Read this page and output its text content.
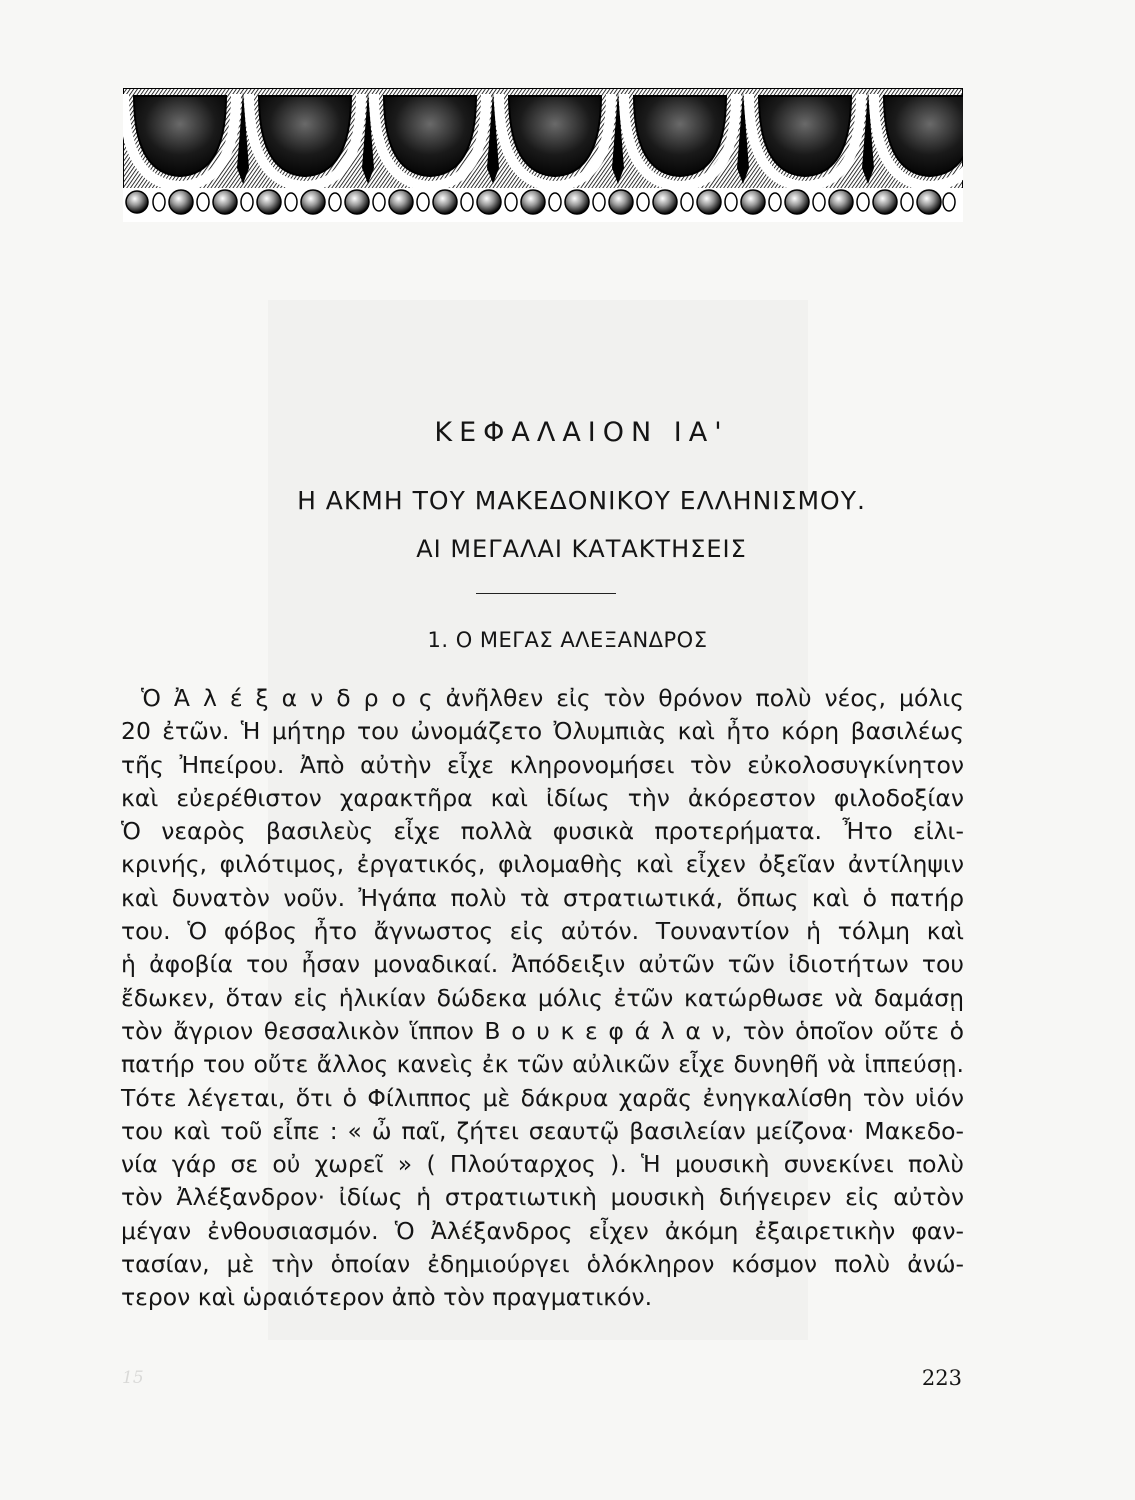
ΚΕΦΑΛΑΙΟΝ ΙΑ'
Η ΑΚΜΗ ΤΟΥ ΜΑΚΕΔΟΝΙΚΟΥ ΕΛΛΗΝΙΣΜΟΥ.
ΑΙ ΜΕΓΑΛΑΙ ΚΑΤΑΚΤΗΣΕΙΣ
1. Ο ΜΕΓΑΣ ΑΛΕΞΑΝΔΡΟΣ
Ὁ Ἀ λ έ ξ α ν δ ρ ο ς ἀνῆλθεν εἰς τὸν θρόνον πολὺ νέος, μόλις
20 ἐτῶν. Ἡ μήτηρ του ὠνομάζετο Ὀλυμπιὰς καὶ ἦτο κόρη βασιλέως
τῆς Ἠπείρου. Ἀπὸ αὐτὴν εἶχε κληρονομήσει τὸν εὐκολοσυγκίνητον
καὶ εὐερέθιστον χαρακτῆρα καὶ ἰδίως τὴν ἀκόρεστον φιλοδοξίαν
Ὁ νεαρὸς βασιλεὺς εἶχε πολλὰ φυσικὰ προτερήματα. Ἦτο εἰλι-
κρινής, φιλότιμος, ἐργατικός, φιλομαθὴς καὶ εἶχεν ὀξεῖαν ἀντίληψιν
καὶ δυνατὸν νοῦν. Ἠγάπα πολὺ τὰ στρατιωτικά, ὅπως καὶ ὁ πατήρ
του. Ὁ φόβος ἦτο ἄγνωστος εἰς αὐτόν. Τουναντίον ἡ τόλμη καὶ
ἡ ἀφοβία του ἦσαν μοναδικαί. Ἀπόδειξιν αὐτῶν τῶν ἰδιοτήτων του
ἔδωκεν, ὅταν εἰς ἡλικίαν δώδεκα μόλις ἐτῶν κατώρθωσε νὰ δαμάσῃ
τὸν ἄγριον θεσσαλικὸν ἵππον Β ο υ κ ε φ ά λ α ν, τὸν ὁποῖον οὔτε ὁ
πατήρ του οὔτε ἄλλος κανεὶς ἐκ τῶν αὐλικῶν εἶχε δυνηθῆ νὰ ἱππεύσῃ.
Τότε λέγεται, ὅτι ὁ Φίλιππος μὲ δάκρυα χαρᾶς ἐνηγκαλίσθη τὸν υἱόν
του καὶ τοῦ εἶπε : « ὦ παῖ, ζήτει σεαυτῷ βασιλείαν μείζονα· Μακεδο-
νία γάρ σε οὐ χωρεῖ » ( Πλούταρχος ). Ἡ μουσικὴ συνεκίνει πολὺ
τὸν Ἀλέξανδρον· ἰδίως ἡ στρατιωτικὴ μουσικὴ διήγειρεν εἰς αὐτὸν
μέγαν ἐνθουσιασμόν. Ὁ Ἀλέξανδρος εἶχεν ἀκόμη ἐξαιρετικὴν φαν-
τασίαν, μὲ τὴν ὁποίαν ἐδημιούργει ὁλόκληρον κόσμον πολὺ ἀνώ-
τερον καὶ ὡραιότερον ἀπὸ τὸν πραγματικόν.
15	223
